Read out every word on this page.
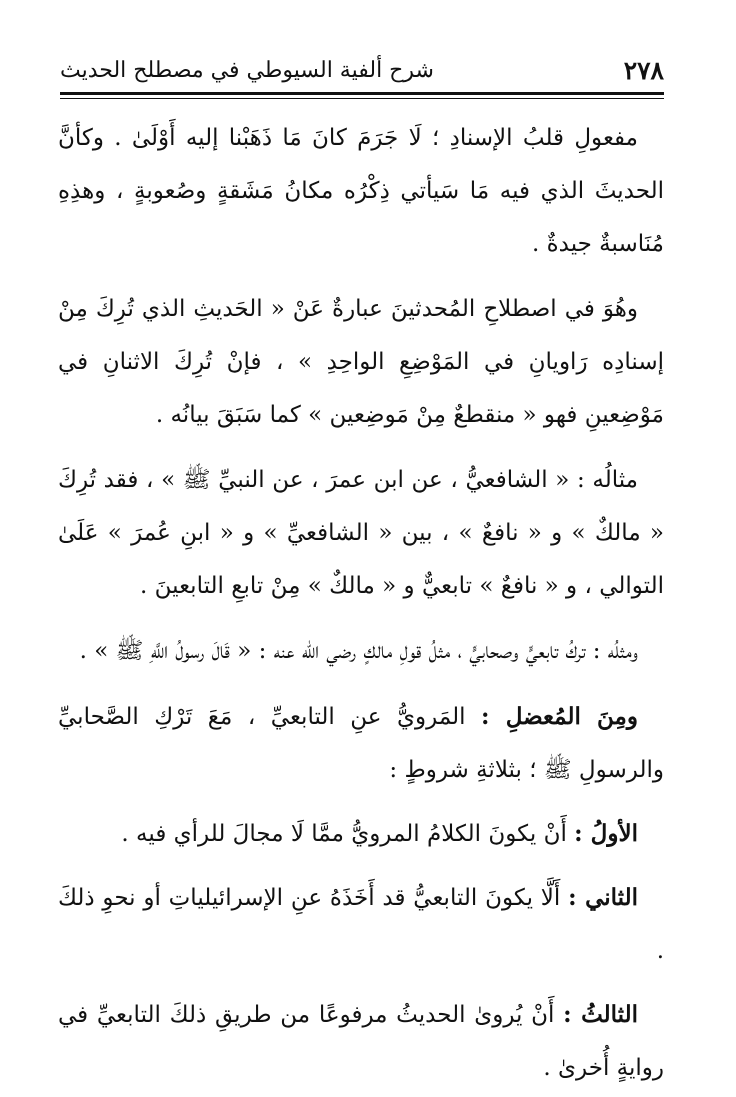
٢٧٨
شرح ألفية السيوطي في مصطلح الحديث

مفعولِ قلبُ الإسنادِ ؛ لَا جَرَمَ كانَ مَا ذَهَبْنا إليه أَوْلَىٰ . وكأنَّ الحديثَ الذي فيه مَا سَيأتي ذِكْرُه مكانُ مَشَقةٍ وصُعوبةٍ ، وهذِهِ مُنَاسبةٌ جيدةٌ .

وهُوَ في اصطلاحِ المُحدثينَ عبارةٌ عَنْ « الحَديثِ الذي تُرِكَ مِنْ إسنادِه رَاويانِ في المَوْضِعِ الواحِدِ » ، فإنْ تُرِكَ الاثنانِ في مَوْضِعينِ فهو « منقطعٌ مِنْ مَوضِعين » كما سَبَقَ بيانُه .

مثالُه : « الشافعيُّ ، عن ابن عمرَ ، عن النبيِّ ﷺ » ، فقد تُرِكَ « مالكٌ » و « نافعٌ » ، بين « الشافعيِّ » و « ابنِ عُمرَ » عَلَىٰ التوالي ، و « نافعٌ » تابعيٌّ و « مالكٌ » مِنْ تابعِ التابعينَ .

ومثلُه : تركُ تابعيٍّ وصحابيٍّ ، مثلُ قولِ مالكٍ رضي الله عنه : « قَالَ رسولُ اللَّهِ ﷺ » .

ومِنَ المُعضلِ : المَرويُّ عنِ التابعيِّ ، مَعَ تَرْكِ الصَّحابيِّ والرسولِ ﷺ ؛ بثلاثةِ شروطٍ :

الأولُ : أَنْ يكونَ الكلامُ المرويُّ ممَّا لَا مجالَ للرأي فيه .

الثاني : أَلَّا يكونَ التابعيُّ قد أَخَذَهُ عنِ الإسرائيلياتِ أو نحوِ ذلكَ .

الثالثُ : أَنْ يُروىٰ الحديثُ مرفوعًا من طريقِ ذلكَ التابعيِّ في روايةٍ أُخرىٰ .
